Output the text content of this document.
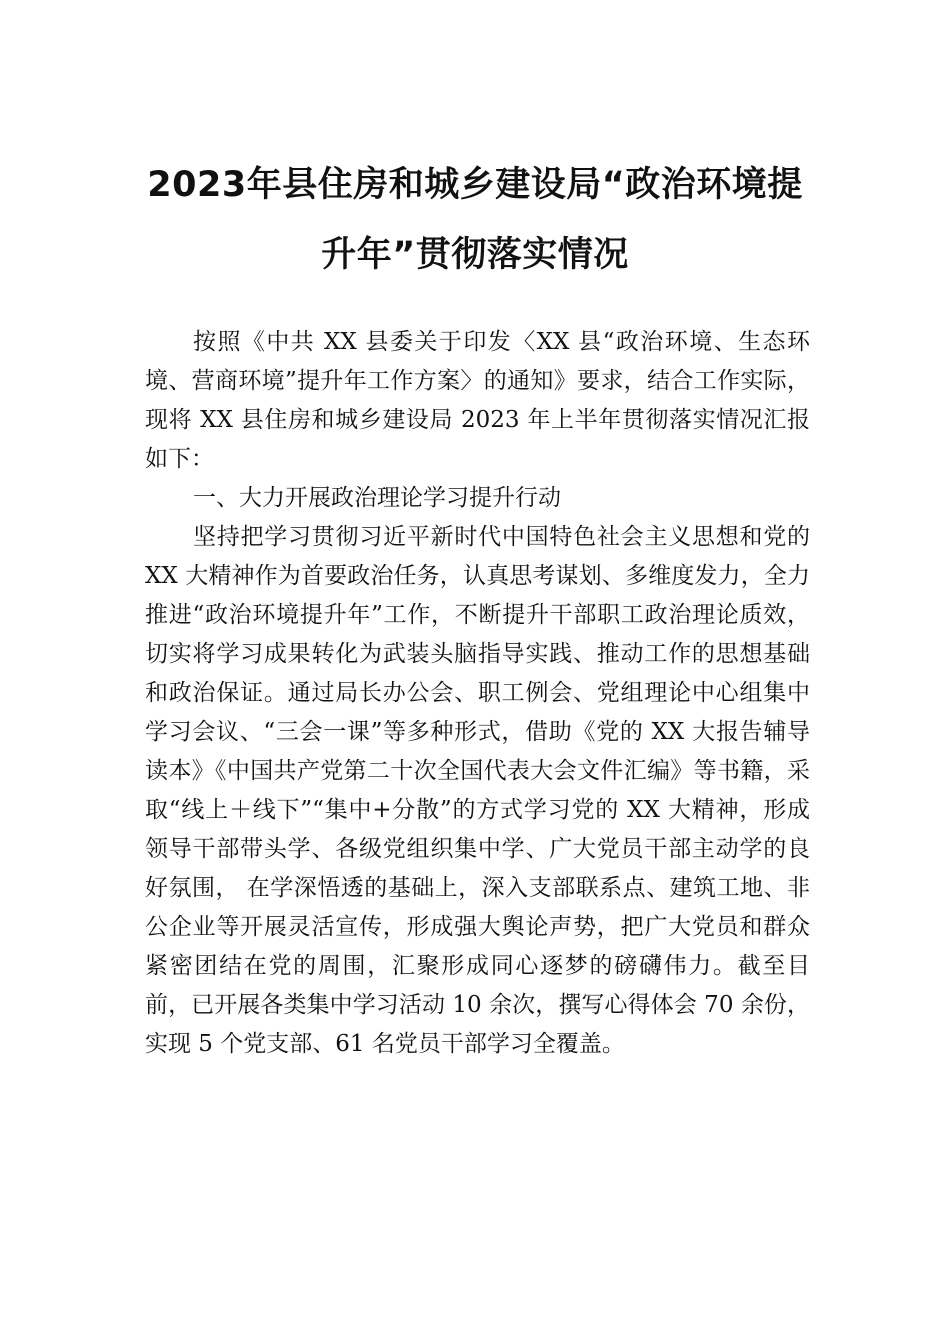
2023年县住房和城乡建设局“政治环境提
升年”贯彻落实情况

按照《中共 XX 县委关于印发〈XX 县“政治环境、生态环境、营商环境”提升年工作方案〉的通知》要求，结合工作实际，现将 XX 县住房和城乡建设局 2023 年上半年贯彻落实情况汇报如下：

一、大力开展政治理论学习提升行动

坚持把学习贯彻习近平新时代中国特色社会主义思想和党的 XX 大精神作为首要政治任务，认真思考谋划、多维度发力，全力推进“政治环境提升年”工作，不断提升干部职工政治理论质效，切实将学习成果转化为武装头脑指导实践、推动工作的思想基础和政治保证。通过局长办公会、职工例会、党组理论中心组集中学习会议、“三会一课”等多种形式，借助《党的 XX 大报告辅导读本》《中国共产党第二十次全国代表大会文件汇编》等书籍，采取“线上＋线下”“集中+分散”的方式学习党的 XX 大精神，形成领导干部带头学、各级党组织集中学、广大党员干部主动学的良好氛围， 在学深悟透的基础上，深入支部联系点、建筑工地、非公企业等开展灵活宣传，形成强大舆论声势，把广大党员和群众紧密团结在党的周围，汇聚形成同心逐梦的磅礴伟力。截至目前，已开展各类集中学习活动 10 余次，撰写心得体会 70 余份，实现 5 个党支部、61 名党员干部学习全覆盖。
